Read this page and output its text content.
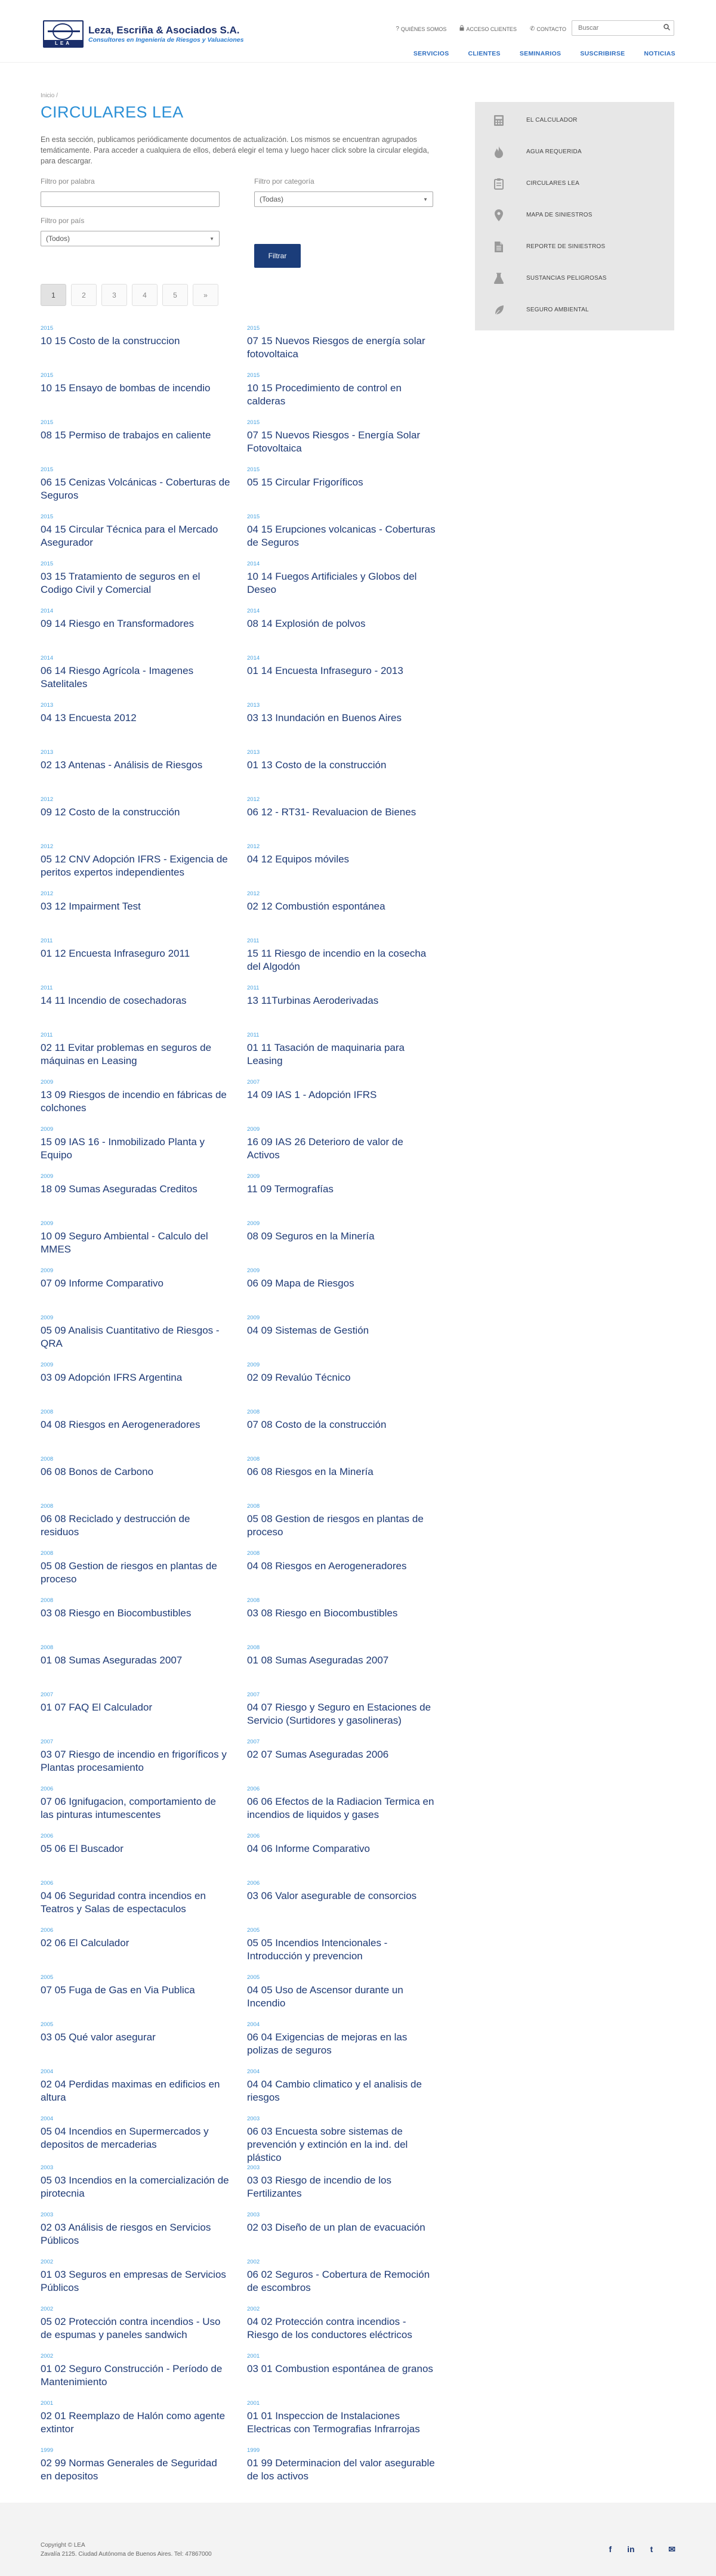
LEA
Leza, Escriña & Asociados S.A.
Consultores en Ingeniería de Riesgos y Valuaciones
? QUIÉNES SOMOS	ACCESO CLIENTES ✆ CONTACTO
Buscar
SERVICIOS	CLIENTES	SEMINARIOS	SUSCRIBIRSE	NOTICIAS
Inicio /
CIRCULARES LEA

En esta sección, publicamos periódicamente documentos de actualización. Los mismos se encuentran agrupados temáticamente. Para acceder a cualquiera de ellos, deberá elegir el tema y luego hacer click sobre la circular elegida, para descargar.

Filtro por palabra	Filtro por categoría
(Todas)	▼
Filtro por país
(Todos)	▼
Filtrar
1	2	3	4	5	»
2015
10 15 Costo de la construccion
2015
07 15 Nuevos Riesgos de energía solar fotovoltaica
2015
10 15 Ensayo de bombas de incendio
2015
10 15 Procedimiento de control en calderas
2015
08 15 Permiso de trabajos en caliente
2015
07 15 Nuevos Riesgos - Energía Solar Fotovoltaica
2015
06 15 Cenizas Volcánicas - Coberturas de Seguros
2015
05 15 Circular Frigoríficos
2015
04 15 Circular Técnica para el Mercado Asegurador
2015
04 15 Erupciones volcanicas - Coberturas de Seguros
2015
03 15 Tratamiento de seguros en el Codigo Civil y Comercial
2014
10 14 Fuegos Artificiales y Globos del Deseo
2014
09 14 Riesgo en Transformadores
2014
08 14 Explosión de polvos
2014
06 14 Riesgo Agrícola - Imagenes Satelitales
2014
01 14 Encuesta Infraseguro - 2013
2013
04 13 Encuesta 2012
2013
03 13 Inundación en Buenos Aires
2013
02 13 Antenas - Análisis de Riesgos
2013
01 13 Costo de la construcción
2012
09 12 Costo de la construcción
2012
06 12 - RT31- Revaluacion de Bienes
2012
05 12 CNV Adopción IFRS - Exigencia de peritos expertos independientes
2012
04 12 Equipos móviles
2012
03 12 Impairment Test
2012
02 12 Combustión espontánea
2011
01 12 Encuesta Infraseguro 2011
2011
15 11 Riesgo de incendio en la cosecha del Algodón
2011
14 11 Incendio de cosechadoras
2011
13 11Turbinas Aeroderivadas
2011
02 11 Evitar problemas en seguros de máquinas en Leasing
2011
01 11 Tasación de maquinaria para Leasing
2009
13 09 Riesgos de incendio en fábricas de colchones
2007
14 09 IAS 1 - Adopción IFRS
2009
15 09 IAS 16 - Inmobilizado Planta y Equipo
2009
16 09 IAS 26 Deterioro de valor de Activos
2009
18 09 Sumas Aseguradas Creditos
2009
11 09 Termografías
2009
10 09 Seguro Ambiental - Calculo del MMES
2009
08 09 Seguros en la Minería
2009
07 09 Informe Comparativo
2009
06 09 Mapa de Riesgos
2009
05 09 Analisis Cuantitativo de Riesgos - QRA
2009
04 09 Sistemas de Gestión
2009
03 09 Adopción IFRS Argentina
2009
02 09 Revalúo Técnico
2008
04 08 Riesgos en Aerogeneradores
2008
07 08 Costo de la construcción
2008
06 08 Bonos de Carbono
2008
06 08 Riesgos en la Minería
2008
06 08 Reciclado y destrucción de residuos
2008
05 08 Gestion de riesgos en plantas de proceso
2008
05 08 Gestion de riesgos en plantas de proceso
2008
04 08 Riesgos en Aerogeneradores
2008
03 08 Riesgo en Biocombustibles
2008
03 08 Riesgo en Biocombustibles
2008
01 08 Sumas Aseguradas 2007
2008
01 08 Sumas Aseguradas 2007
2007
01 07 FAQ El Calculador
2007
04 07 Riesgo y Seguro en Estaciones de Servicio (Surtidores y gasolineras)
2007
03 07 Riesgo de incendio en frigoríficos y Plantas procesamiento
2007
02 07 Sumas Aseguradas 2006
2006
07 06 Ignifugacion, comportamiento de las pinturas intumescentes
2006
06 06 Efectos de la Radiacion Termica en incendios de liquidos y gases
2006
05 06 El Buscador
2006
04 06 Informe Comparativo
2006
04 06 Seguridad contra incendios en Teatros y Salas de espectaculos
2006
03 06 Valor asegurable de consorcios
2006
02 06 El Calculador
2005
05 05 Incendios Intencionales - Introducción y prevencion
2005
07 05 Fuga de Gas en Via Publica
2005
04 05 Uso de Ascensor durante un Incendio
2005
03 05 Qué valor asegurar
2004
06 04 Exigencias de mejoras en las polizas de seguros
2004
02 04 Perdidas maximas en edificios en altura
2004
04 04 Cambio climatico y el analisis de riesgos
2004
05 04 Incendios en Supermercados y depositos de mercaderias
2003
06 03 Encuesta sobre sistemas de prevención y extinción en la ind. del plástico
2003
05 03 Incendios en la comercialización de pirotecnia
2003
03 03 Riesgo de incendio de los Fertilizantes
2003
02 03 Análisis de riesgos en Servicios Públicos
2003
02 03 Diseño de un plan de evacuación
2002
01 03 Seguros en empresas de Servicios Públicos
2002
06 02 Seguros - Cobertura de Remoción de escombros
2002
05 02 Protección contra incendios - Uso de espumas y paneles sandwich
2002
04 02 Protección contra incendios - Riesgo de los conductores eléctricos
2002
01 02 Seguro Construcción - Período de Mantenimiento
2001
03 01 Combustion espontánea de granos
2001
02 01 Reemplazo de Halón como agente extintor
2001
01 01 Inspeccion de Instalaciones Electricas con Termografias Infrarrojas
1999
02 99 Normas Generales de Seguridad en depositos
1999
01 99 Determinacion del valor asegurable de los activos
EL CALCULADOR
AGUA REQUERIDA
CIRCULARES LEA
MAPA DE SINIESTROS
REPORTE DE SINIESTROS
SUSTANCIAS PELIGROSAS
SEGURO AMBIENTAL
Copyright © LEA
Zavalía 2125. Ciudad Autónoma de Buenos Aires. Tel: 47867000
f in t ✉
